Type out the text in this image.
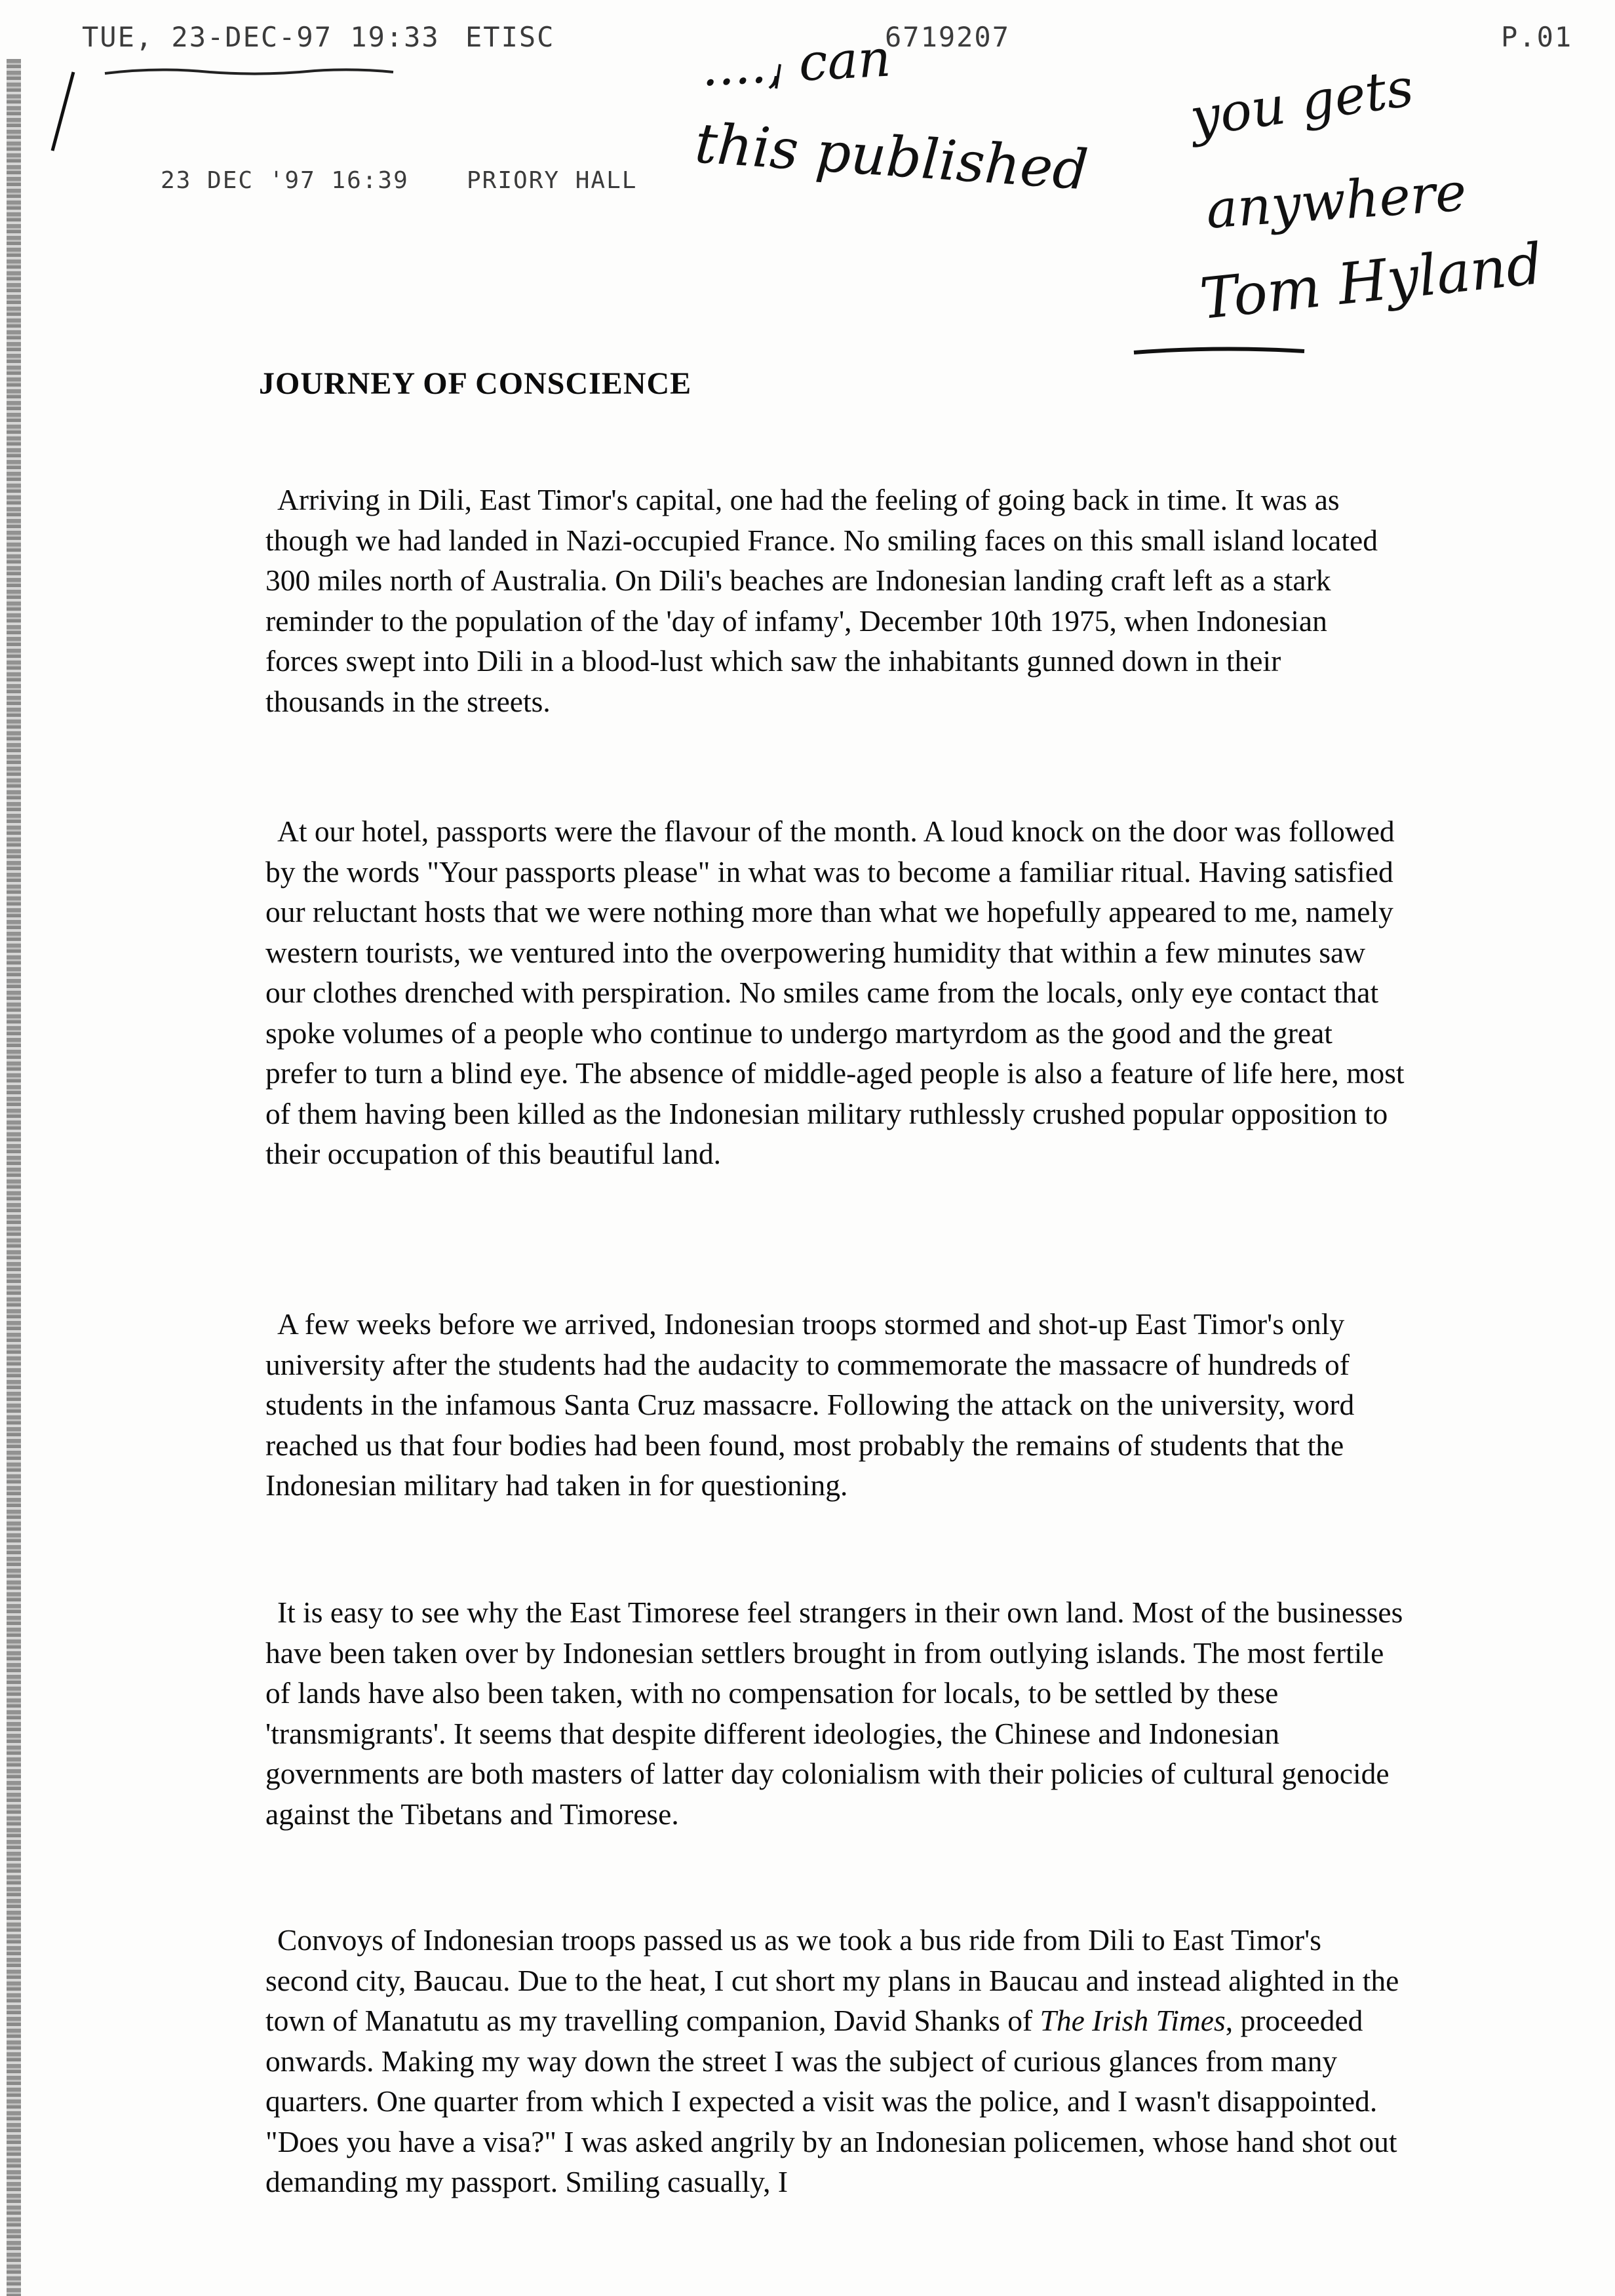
TUE, 23-DEC-97 19:33 ETISC	6719207	P.01
23 DEC '97 16:39 PRIORY HALL
...., can
this published
you gets
anywhere
Tom Hyland
JOURNEY OF CONSCIENCE
Arriving in Dili, East Timor's capital, one had the feeling of going back in time. It was as though we had landed in Nazi-occupied France. No smiling faces on this small island located 300 miles north of Australia. On Dili's beaches are Indonesian landing craft left as a stark reminder to the population of the 'day of infamy', December 10th 1975, when Indonesian forces swept into Dili in a blood-lust which saw the inhabitants gunned down in their thousands in the streets.
At our hotel, passports were the flavour of the month. A loud knock on the door was followed by the words "Your passports please" in what was to become a familiar ritual. Having satisfied our reluctant hosts that we were nothing more than what we hopefully appeared to me, namely western tourists, we ventured into the overpowering humidity that within a few minutes saw our clothes drenched with perspiration. No smiles came from the locals, only eye contact that spoke volumes of a people who continue to undergo martyrdom as the good and the great prefer to turn a blind eye. The absence of middle-aged people is also a feature of life here, most of them having been killed as the Indonesian military ruthlessly crushed popular opposition to their occupation of this beautiful land.
A few weeks before we arrived, Indonesian troops stormed and shot-up East Timor's only university after the students had the audacity to commemorate the massacre of hundreds of students in the infamous Santa Cruz massacre. Following the attack on the university, word reached us that four bodies had been found, most probably the remains of students that the Indonesian military had taken in for questioning.
It is easy to see why the East Timorese feel strangers in their own land. Most of the businesses have been taken over by Indonesian settlers brought in from outlying islands. The most fertile of lands have also been taken, with no compensation for locals, to be settled by these 'transmigrants'. It seems that despite different ideologies, the Chinese and Indonesian governments are both masters of latter day colonialism with their policies of cultural genocide against the Tibetans and Timorese.
Convoys of Indonesian troops passed us as we took a bus ride from Dili to East Timor's second city, Baucau. Due to the heat, I cut short my plans in Baucau and instead alighted in the town of Manatutu as my travelling companion, David Shanks of The Irish Times, proceeded onwards. Making my way down the street I was the subject of curious glances from many quarters. One quarter from which I expected a visit was the police, and I wasn't disappointed. "Does you have a visa?" I was asked angrily by an Indonesian policemen, whose hand shot out demanding my passport. Smiling casually, I
